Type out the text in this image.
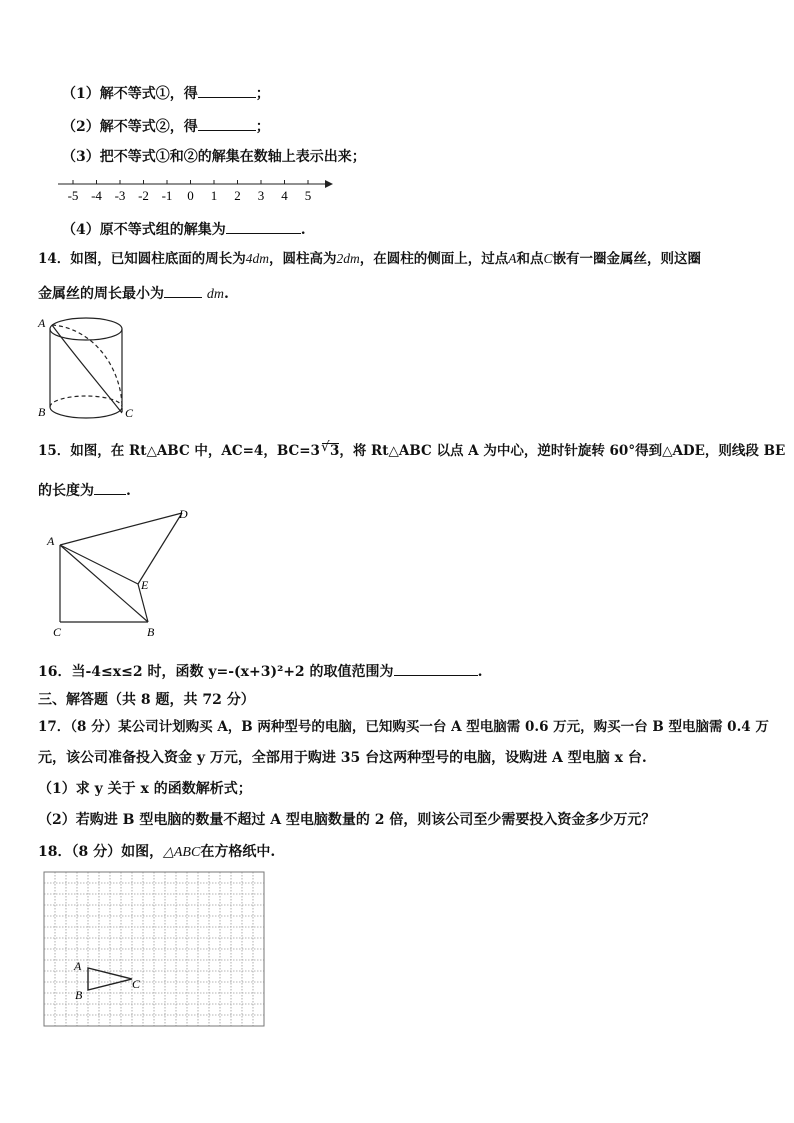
（1）解不等式①，得	；
（2）解不等式②，得	；
（3）把不等式①和②的解集在数轴上表示出来；
-5 -4 -3 -2 -1 0 1 2 3 4 5
（4）原不等式组的解集为	.
14．如图，已知圆柱底面的周长为4dm，圆柱高为2dm，在圆柱的侧面上，过点A和点C嵌有一圈金属丝，则这圈
金属丝的周长最小为	dm.
A
B	C
15．如图，在 Rt△ABC 中，AC=4，BC=3 √ 3，将 Rt△ABC 以点 A 为中心，逆时针旋转 60°得到△ADE，则线段 BE
的长度为 .
A
C	B
D
E
16．当-4≤x≤2 时，函数 y=-(x+3)²+2 的取值范围为	.
三、解答题（共 8 题，共 72 分）
17．（8 分）某公司计划购买 A，B 两种型号的电脑，已知购买一台 A 型电脑需 0.6 万元，购买一台 B 型电脑需 0.4 万
元，该公司准备投入资金 y 万元，全部用于购进 35 台这两种型号的电脑，设购进 A 型电脑 x 台.
（1）求 y 关于 x 的函数解析式；
（2）若购进 B 型电脑的数量不超过 A 型电脑数量的 2 倍，则该公司至少需要投入资金多少万元？
18．（8 分）如图，△ABC在方格纸中.
A
B
C
